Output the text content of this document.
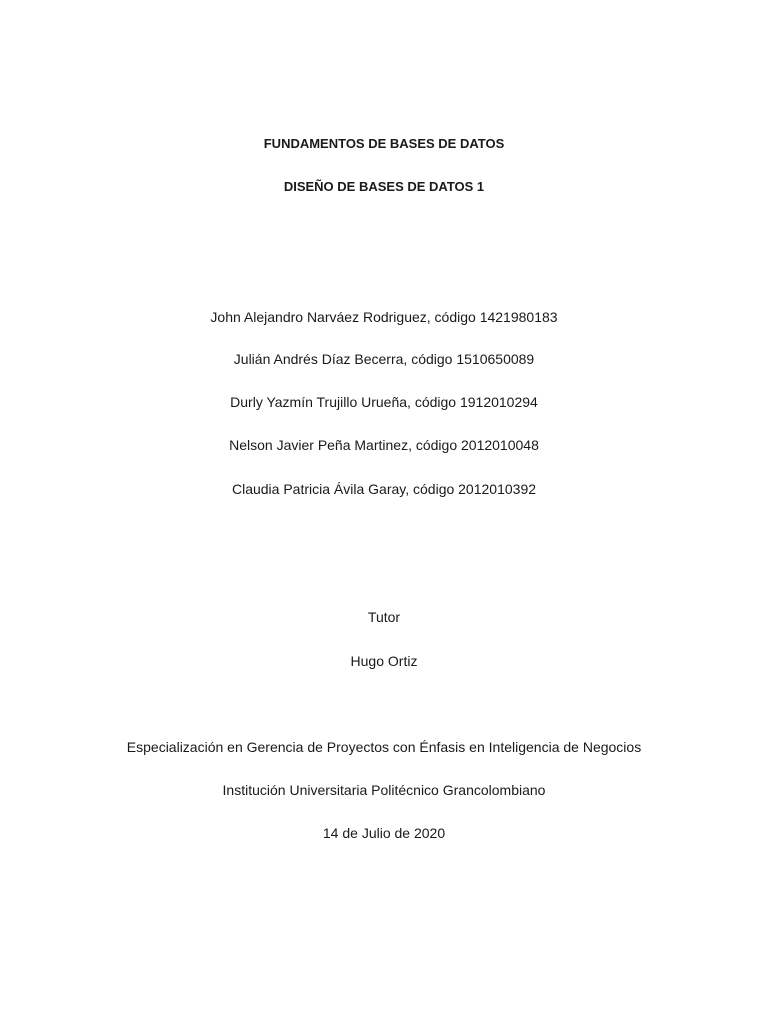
FUNDAMENTOS DE BASES DE DATOS
DISEÑO DE BASES DE DATOS 1
John Alejandro Narváez Rodriguez, código 1421980183
Julián Andrés Díaz Becerra, código 1510650089
Durly Yazmín Trujillo Urueña, código 1912010294
Nelson Javier Peña Martinez, código 2012010048
Claudia Patricia Ávila Garay, código 2012010392
Tutor
Hugo Ortiz
Especialización en Gerencia de Proyectos con Énfasis en Inteligencia de Negocios
Institución Universitaria Politécnico Grancolombiano
14 de Julio de 2020
